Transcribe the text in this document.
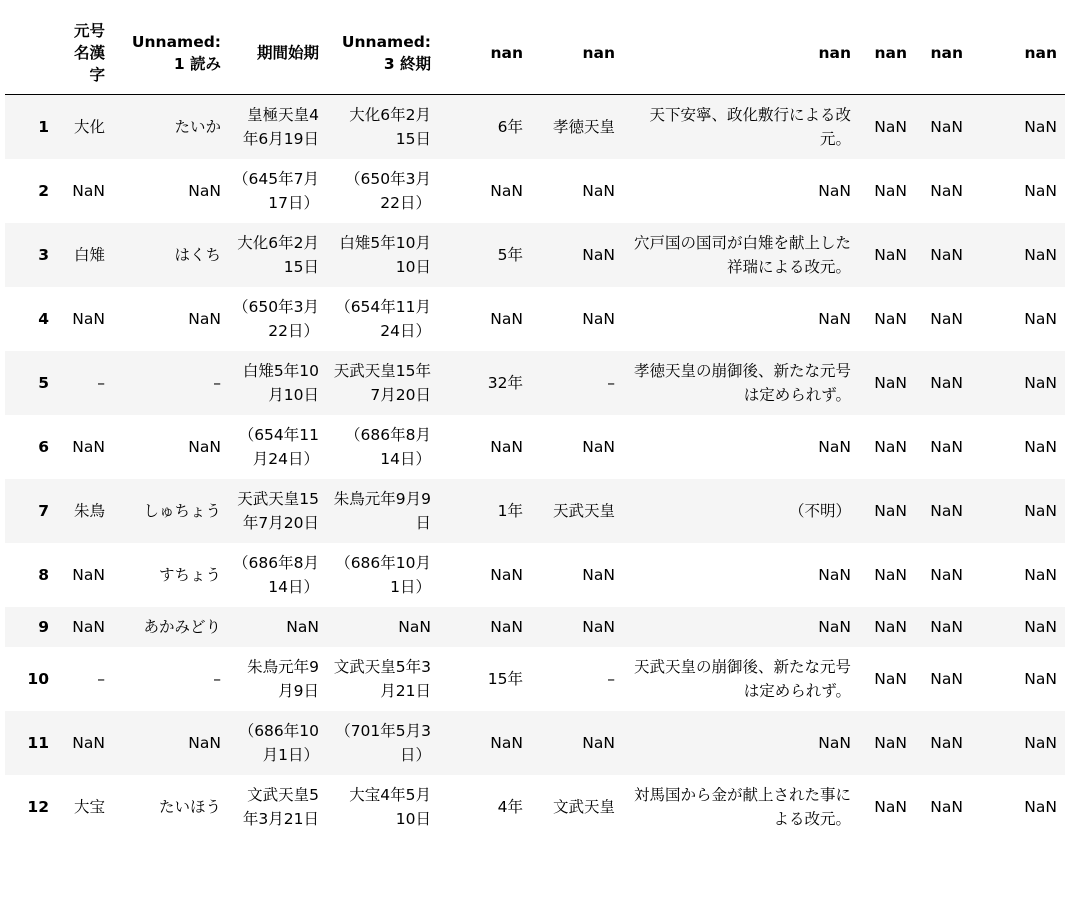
	元号名漢字	Unnamed: 1 読み	期間始期	Unnamed: 3 終期	nan	nan	nan	nan	nan	nan
1	大化	たいか	皇極天皇4年6月19日	大化6年2月15日	6年	孝徳天皇	天下安寧、政化敷行による改元。	NaN	NaN	NaN
2	NaN	NaN	（645年7月17日）	（650年3月22日）	NaN	NaN	NaN	NaN	NaN	NaN
3	白雉	はくち	大化6年2月15日	白雉5年10月10日	5年	NaN	穴戸国の国司が白雉を献上した祥瑞による改元。	NaN	NaN	NaN
4	NaN	NaN	（650年3月22日）	（654年11月24日）	NaN	NaN	NaN	NaN	NaN	NaN
5	–	–	白雉5年10月10日	天武天皇15年7月20日	32年	–	孝徳天皇の崩御後、新たな元号は定められず。	NaN	NaN	NaN
6	NaN	NaN	（654年11月24日）	（686年8月14日）	NaN	NaN	NaN	NaN	NaN	NaN
7	朱鳥	しゅちょう	天武天皇15年7月20日	朱鳥元年9月9日	1年	天武天皇	（不明）	NaN	NaN	NaN
8	NaN	すちょう	（686年8月14日）	（686年10月1日）	NaN	NaN	NaN	NaN	NaN	NaN
9	NaN	あかみどり	NaN	NaN	NaN	NaN	NaN	NaN	NaN	NaN
10	–	–	朱鳥元年9月9日	文武天皇5年3月21日	15年	–	天武天皇の崩御後、新たな元号は定められず。	NaN	NaN	NaN
11	NaN	NaN	（686年10月1日）	（701年5月3日）	NaN	NaN	NaN	NaN	NaN	NaN
12	大宝	たいほう	文武天皇5年3月21日	大宝4年5月10日	4年	文武天皇	対馬国から金が献上された事による改元。	NaN	NaN	NaN
